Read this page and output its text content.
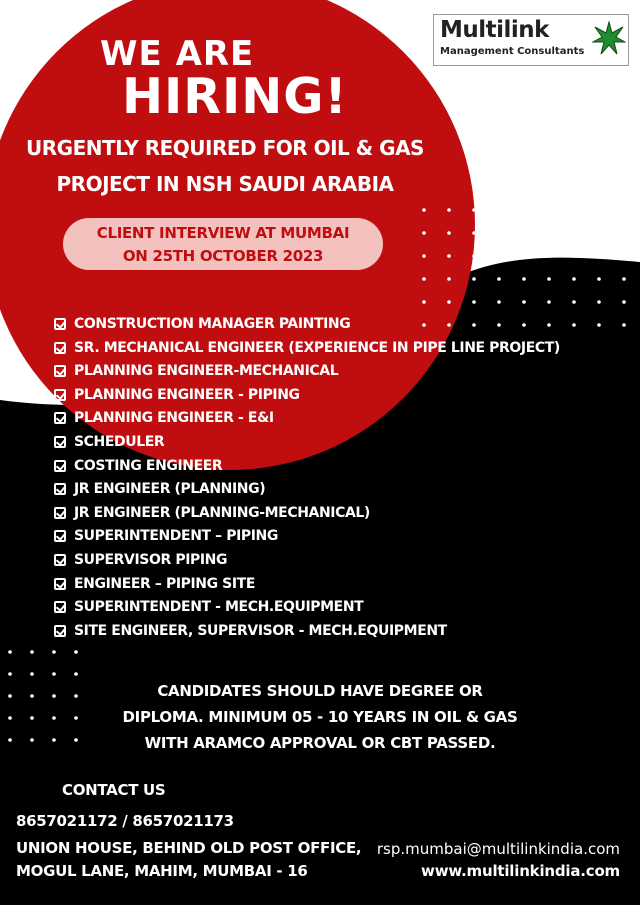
Multilink
Management Consultants
WE ARE
HIRING!
URGENTLY REQUIRED FOR OIL & GAS
PROJECT IN NSH SAUDI ARABIA
CLIENT INTERVIEW AT MUMBAI
ON 25TH OCTOBER 2023
CONSTRUCTION MANAGER PAINTING
SR. MECHANICAL ENGINEER (EXPERIENCE IN PIPE LINE PROJECT)
PLANNING ENGINEER-MECHANICAL
PLANNING ENGINEER - PIPING
PLANNING ENGINEER - E&I
SCHEDULER
COSTING ENGINEER
JR ENGINEER (PLANNING)
JR ENGINEER (PLANNING-MECHANICAL)
SUPERINTENDENT – PIPING
SUPERVISOR PIPING
ENGINEER – PIPING SITE
SUPERINTENDENT - MECH.EQUIPMENT
SITE ENGINEER, SUPERVISOR - MECH.EQUIPMENT
CANDIDATES SHOULD HAVE DEGREE OR
DIPLOMA. MINIMUM 05 - 10 YEARS IN OIL & GAS
WITH ARAMCO APPROVAL OR CBT PASSED.
CONTACT US
8657021172 / 8657021173
UNION HOUSE, BEHIND OLD POST OFFICE,
MOGUL LANE, MAHIM, MUMBAI - 16
rsp.mumbai@multilinkindia.com
www.multilinkindia.com
